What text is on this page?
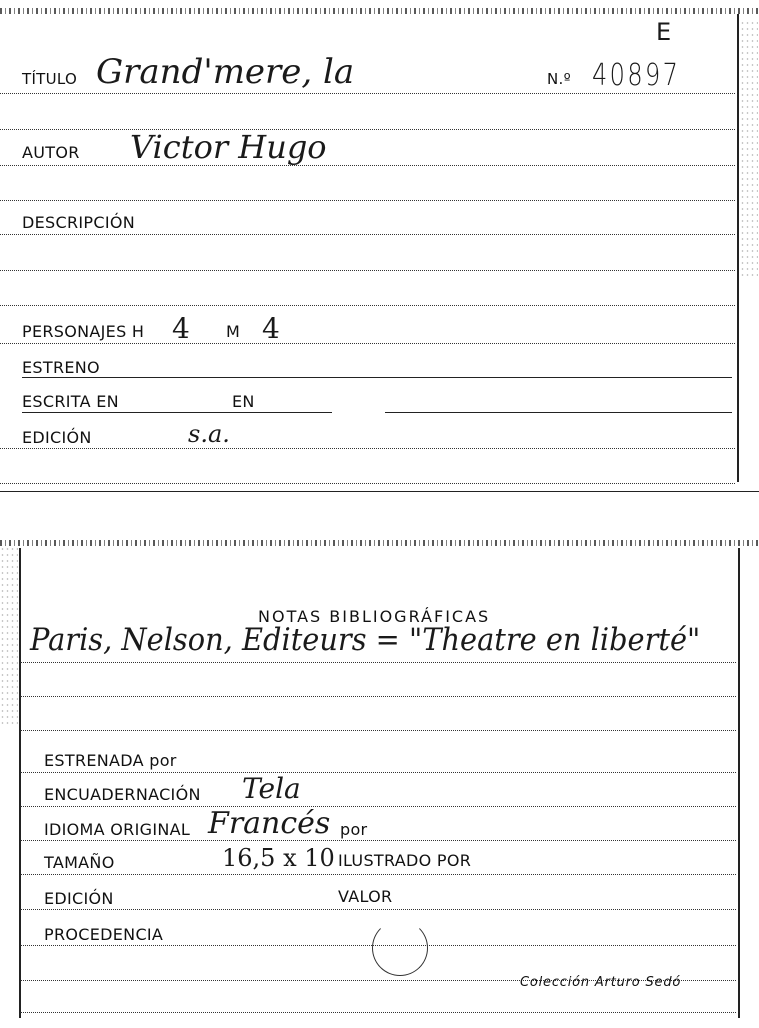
E
TÍTULO Grand'mere, la	N.º 40897
AUTOR Victor Hugo
DESCRIPCIÓN
PERSONAJES H 4 M 4
ESTRENO
ESCRITA EN	EN
EDICIÓN	s.a.
NOTAS BIBLIOGRÁFICAS
Paris, Nelson, Editeurs = "Theatre en liberté"
ESTRENADA por
ENCUADERNACIÓN Tela
IDIOMA ORIGINAL Francés por
TAMAÑO	16,5 x 10 ILUSTRADO POR
EDICIÓN	VALOR
PROCEDENCIA
Colección Arturo Sedó
